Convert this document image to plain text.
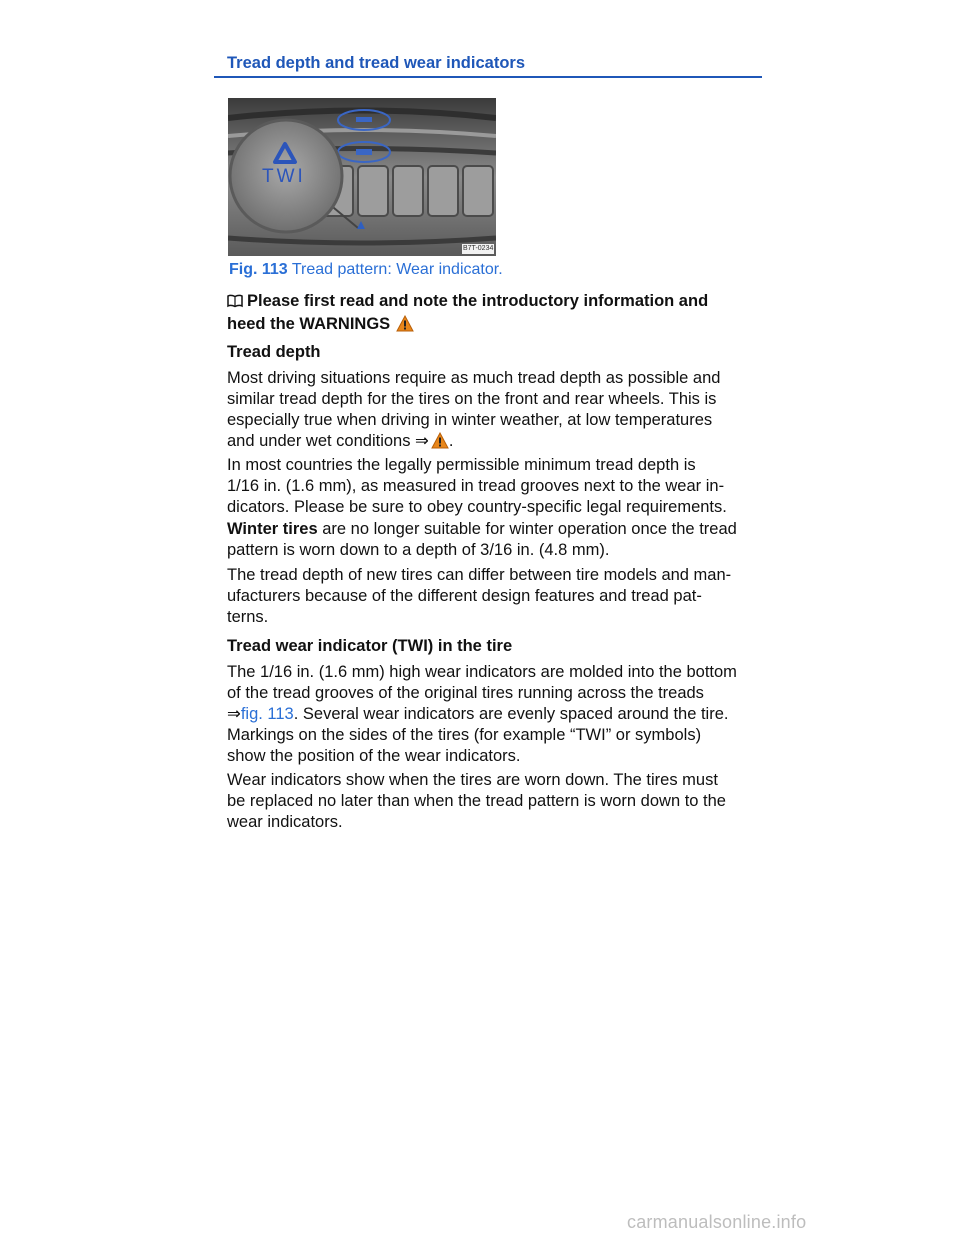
Tread depth and tread wear indicators
TWI
B7T-0234
Fig. 113 Tread pattern: Wear indicator.
Please first read and note the introductory information and
heed the WARNINGS
Tread depth
Most driving situations require as much tread depth as possible and
similar tread depth for the tires on the front and rear wheels. This is
especially true when driving in winter weather, at low temperatures
and under wet conditions ⇒ .
In most countries the legally permissible minimum tread depth is
1/16 in. (1.6 mm), as measured in tread grooves next to the wear in-
dicators. Please be sure to obey country-specific legal requirements.
Winter tires are no longer suitable for winter operation once the tread
pattern is worn down to a depth of 3/16 in. (4.8 mm).
The tread depth of new tires can differ between tire models and man-
ufacturers because of the different design features and tread pat-
terns.
Tread wear indicator (TWI) in the tire
The 1/16 in. (1.6 mm) high wear indicators are molded into the bottom
of the tread grooves of the original tires running across the treads
⇒fig. 113. Several wear indicators are evenly spaced around the tire.
Markings on the sides of the tires (for example “TWI” or symbols)
show the position of the wear indicators.
Wear indicators show when the tires are worn down. The tires must
be replaced no later than when the tread pattern is worn down to the
wear indicators.
carmanualsonline.info
